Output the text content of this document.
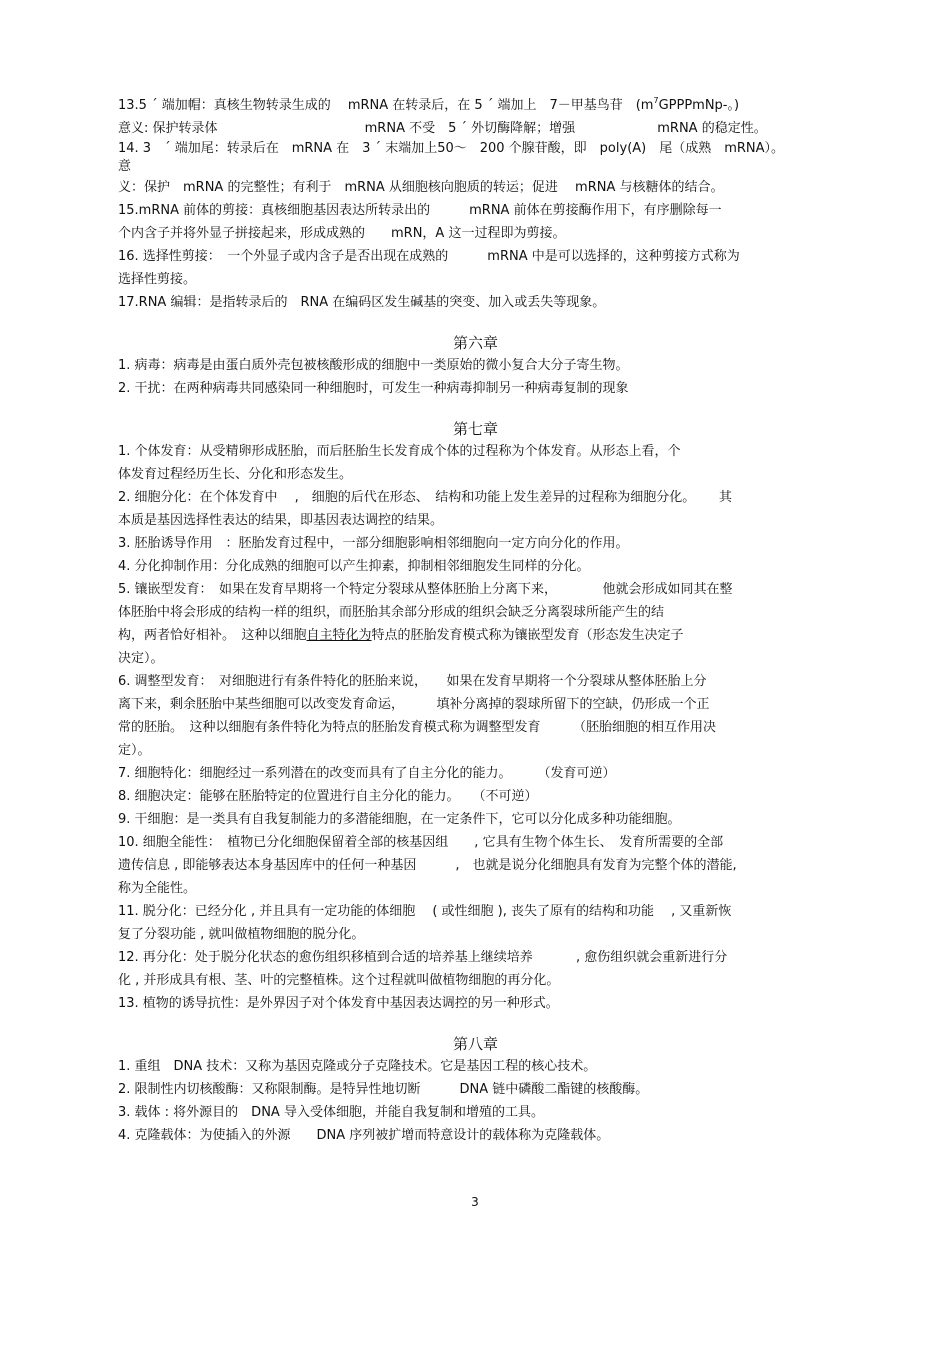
13.5 ´ 端加帽：真核生物转录生成的　 mRNA 在转录后，在 5 ´ 端加上　7－甲基鸟苷　($m^7GPPPmNp-$。)
意义: 保护转录体　　　　　　　　　　　 mRNA 不受　5 ´ 外切酶降解；增强　　　　　　 mRNA 的稳定性。
14. 3　´ 端加尾：转录后在　mRNA 在　3 ´ 末端加上50～　200 个腺苷酸，即　poly(A)　尾（成熟　mRNA）。
意
义：保护　mRNA 的完整性；有利于　mRNA 从细胞核向胞质的转运；促进　 mRNA 与核糖体的结合。
15.mRNA 前体的剪接：真核细胞基因表达所转录出的　　　mRNA 前体在剪接酶作用下，有序删除每一
个内含子并将外显子拼接起来，形成成熟的　　mRN，A 这一过程即为剪接。
16. 选择性剪接：　一个外显子或内含子是否出现在成熟的　　　mRNA 中是可以选择的，这种剪接方式称为
选择性剪接。
17.RNA 编辑：是指转录后的　RNA 在编码区发生碱基的突变、加入或丢失等现象。
第六章
1. 病毒：病毒是由蛋白质外壳包被核酸形成的细胞中一类原始的微小复合大分子寄生物。
2. 干扰：在两种病毒共同感染同一种细胞时，可发生一种病毒抑制另一种病毒复制的现象
第七章
1. 个体发育：从受精卵形成胚胎，而后胚胎生长发育成个体的过程称为个体发育。从形态上看，个
体发育过程经历生长、分化和形态发生。
2. 细胞分化：在个体发育中　 ,　细胞的后代在形态、　结构和功能上发生差异的过程称为细胞分化。　　 其
本质是基因选择性表达的结果，即基因表达调控的结果。
3. 胚胎诱导作用　：胚胎发育过程中，一部分细胞影响相邻细胞向一定方向分化的作用。
4. 分化抑制作用：分化成熟的细胞可以产生抑素，抑制相邻细胞发生同样的分化。
5. 镶嵌型发育：　如果在发育早期将一个特定分裂球从整体胚胎上分离下来，　　　　他就会形成如同其在整
体胚胎中将会形成的结构一样的组织，而胚胎其余部分形成的组织会缺乏分离裂球所能产生的结
构，两者恰好相补。　这种以细胞自主特化为特点的胚胎发育模式称为镶嵌型发育（形态发生决定子
决定）。
6. 调整型发育：　对细胞进行有条件特化的胚胎来说，　　如果在发育早期将一个分裂球从整体胚胎上分
离下来，剩余胚胎中某些细胞可以改变发育命运，　　　填补分离掉的裂球所留下的空缺，仍形成一个正
常的胚胎。　这种以细胞有条件特化为特点的胚胎发育模式称为调整型发育　　　（胚胎细胞的相互作用决
定）。
7. 细胞特化：细胞经过一系列潜在的改变而具有了自主分化的能力。　　　（发育可逆）
8. 细胞决定：能够在胚胎特定的位置进行自主分化的能力。　　（不可逆）
9. 干细胞：是一类具有自我复制能力的多潜能细胞，在一定条件下，它可以分化成多种功能细胞。
10. 细胞全能性：　植物已分化细胞保留着全部的核基因组　　, 它具有生物个体生长、　发育所需要的全部
遗传信息 , 即能够表达本身基因库中的任何一种基因　　　,　也就是说分化细胞具有发育为完整个体的潜能,
称为全能性。
11. 脱分化：已经分化 , 并且具有一定功能的体细胞　 ( 或性细胞 ), 丧失了原有的结构和功能　 , 又重新恢
复了分裂功能 , 就叫做植物细胞的脱分化。
12. 再分化：处于脱分化状态的愈伤组织移植到合适的培养基上继续培养　　　 , 愈伤组织就会重新进行分
化 , 并形成具有根、茎、叶的完整植株。这个过程就叫做植物细胞的再分化。
13. 植物的诱导抗性：是外界因子对个体发育中基因表达调控的另一种形式。
第八章
1. 重组　DNA 技术：又称为基因克隆或分子克隆技术。它是基因工程的核心技术。
2. 限制性内切核酸酶：又称限制酶。是特异性地切断　　　DNA 链中磷酸二酯键的核酸酶。
3. 载体 : 将外源目的　DNA 导入受体细胞，并能自我复制和增殖的工具。
4. 克隆载体：为使插入的外源　　DNA 序列被扩增而特意设计的载体称为克隆载体。
3
